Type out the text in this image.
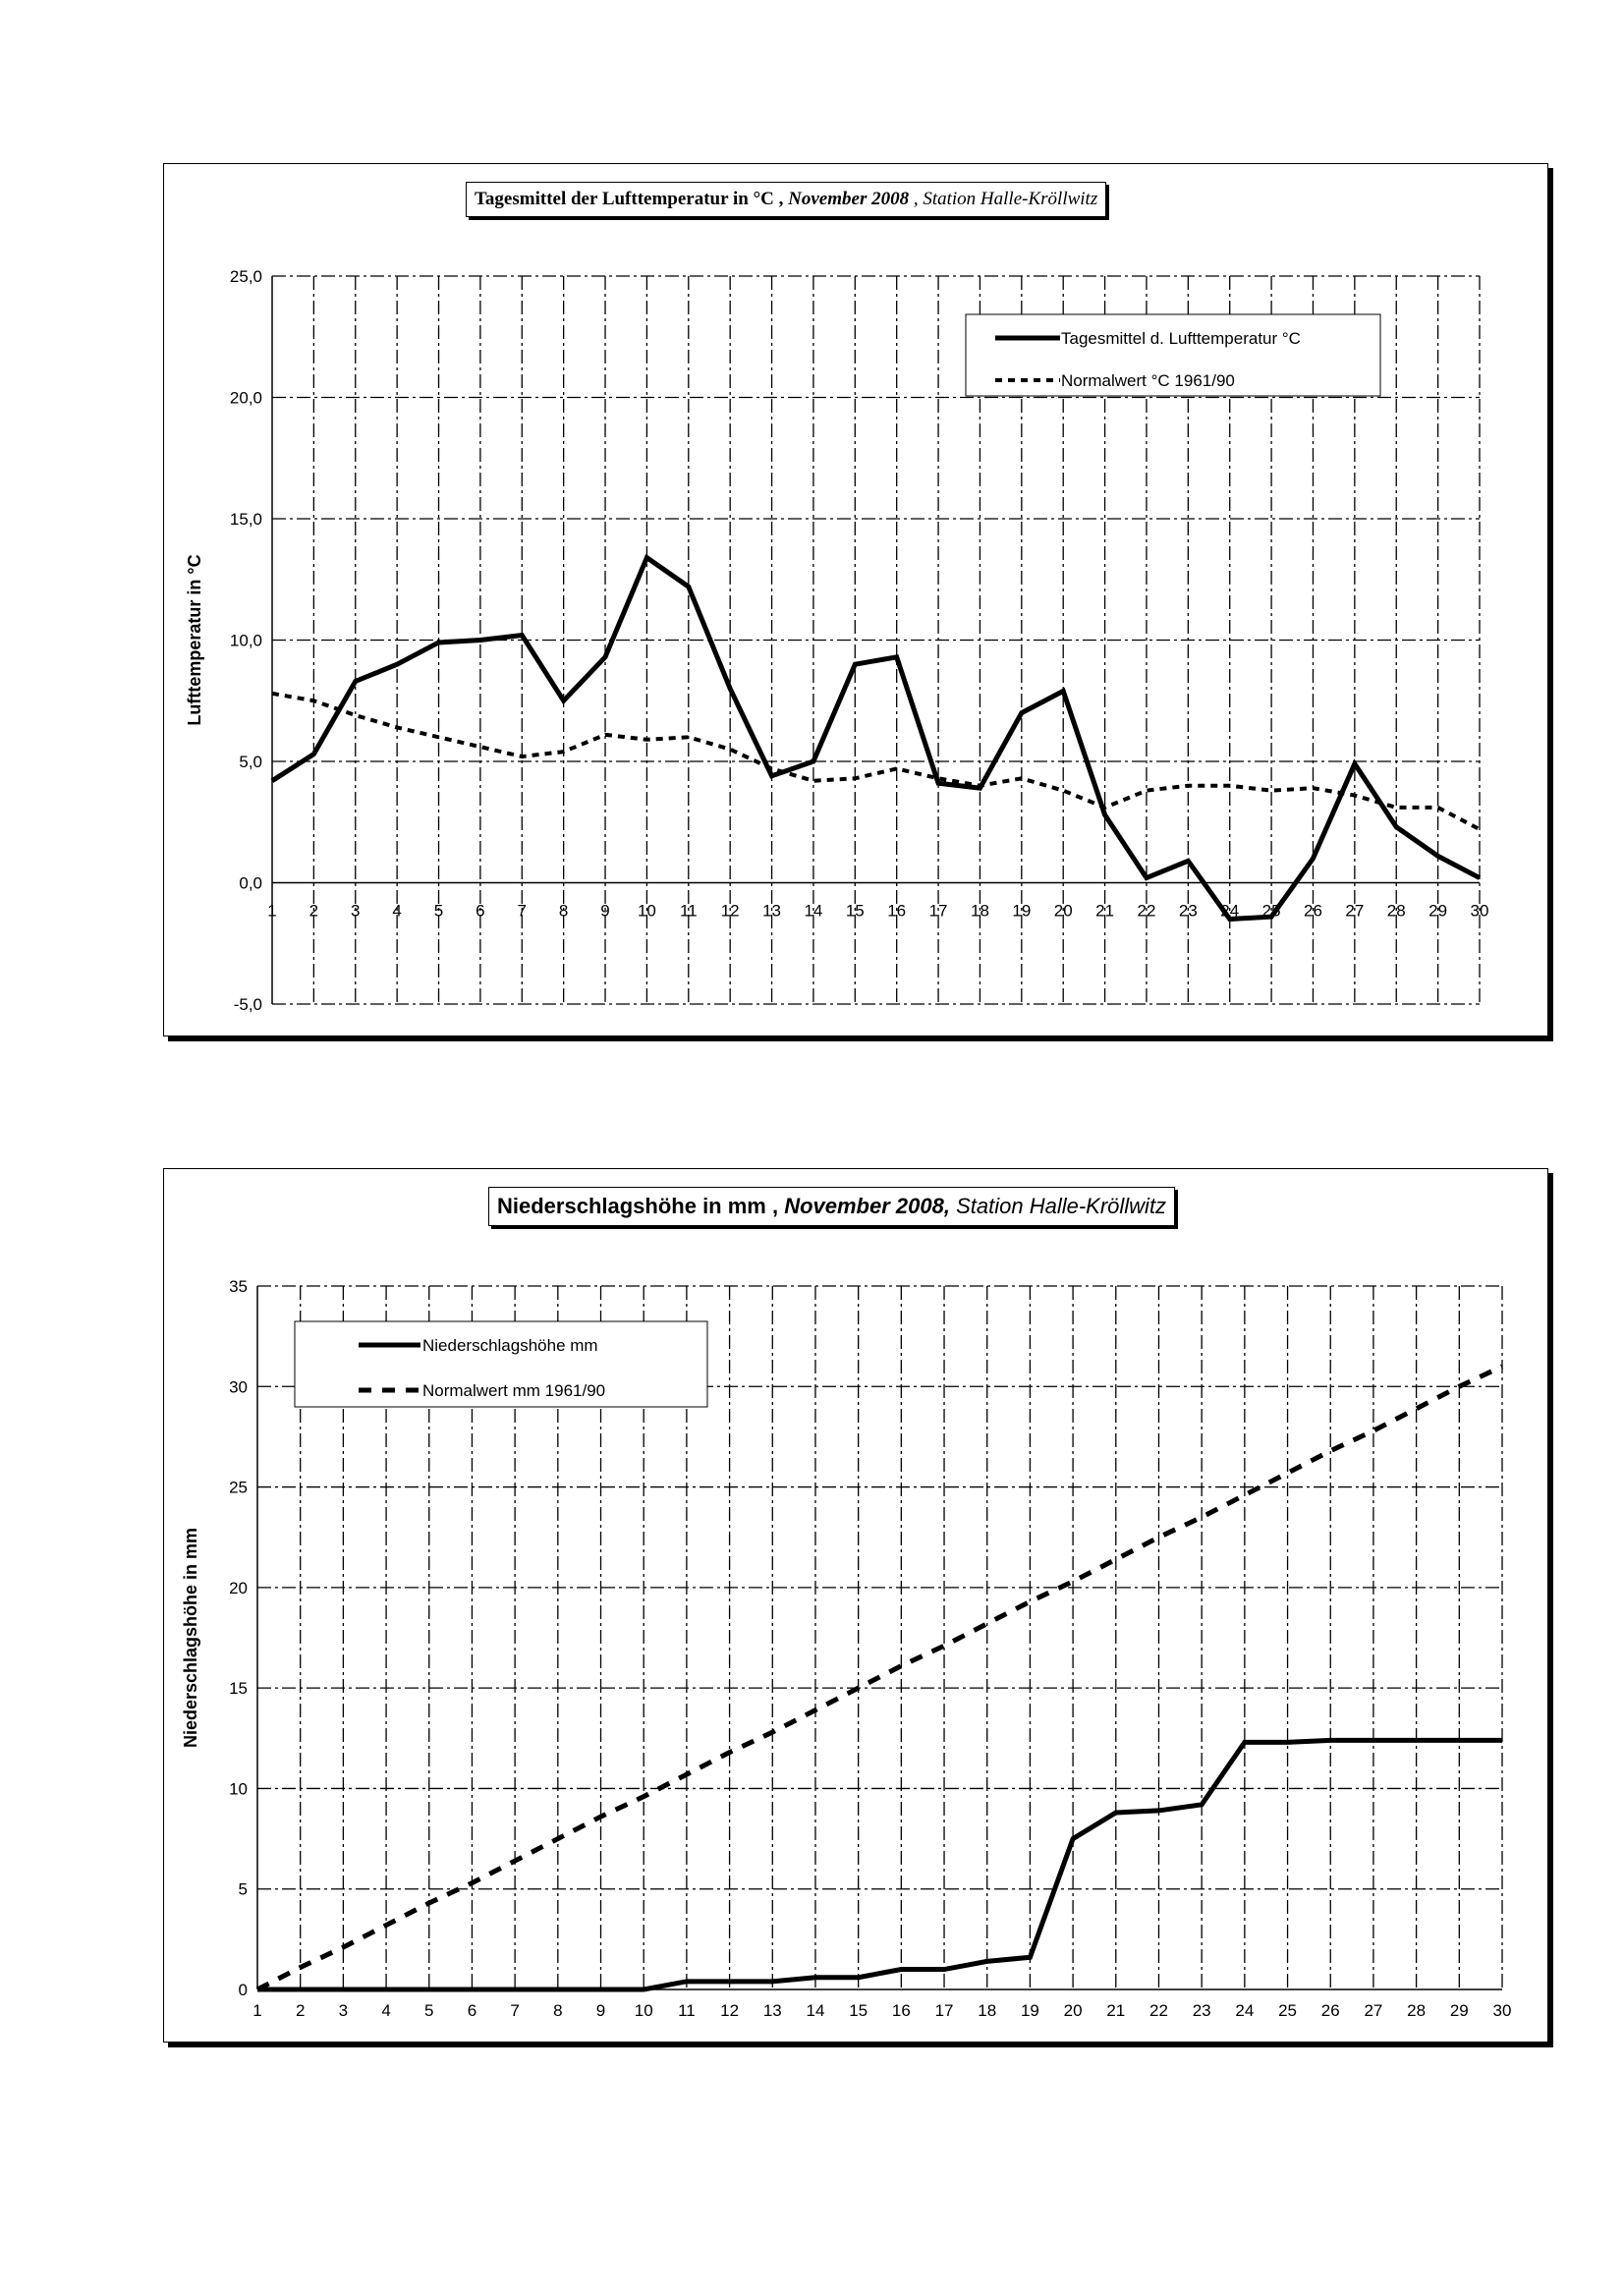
Tagesmittel der Lufttemperatur in °C , November 2008 , Station Halle-Kröllwitz
-5,0
0,0
5,0
10,0
15,0
20,0
25,0
1 2 3 4 5 6 7 8 9 10 11 12 13 14 15 16 17 18 19 20 21 22 23 24 25 26 27 28 29 30
Lufttemperatur in °C
Tagesmittel d. Lufttemperatur °C
Normalwert °C 1961/90
Niederschlagshöhe in mm , November 2008, Station Halle-Kröllwitz
0
5
10
15
20
25
30
35
1 2 3 4 5 6 7 8 9 10 11 12 13 14 15 16 17 18 19 20 21 22 23 24 25 26 27 28 29 30
Niederschlagshöhe in mm
Niederschlagshöhe mm
Normalwert mm 1961/90
